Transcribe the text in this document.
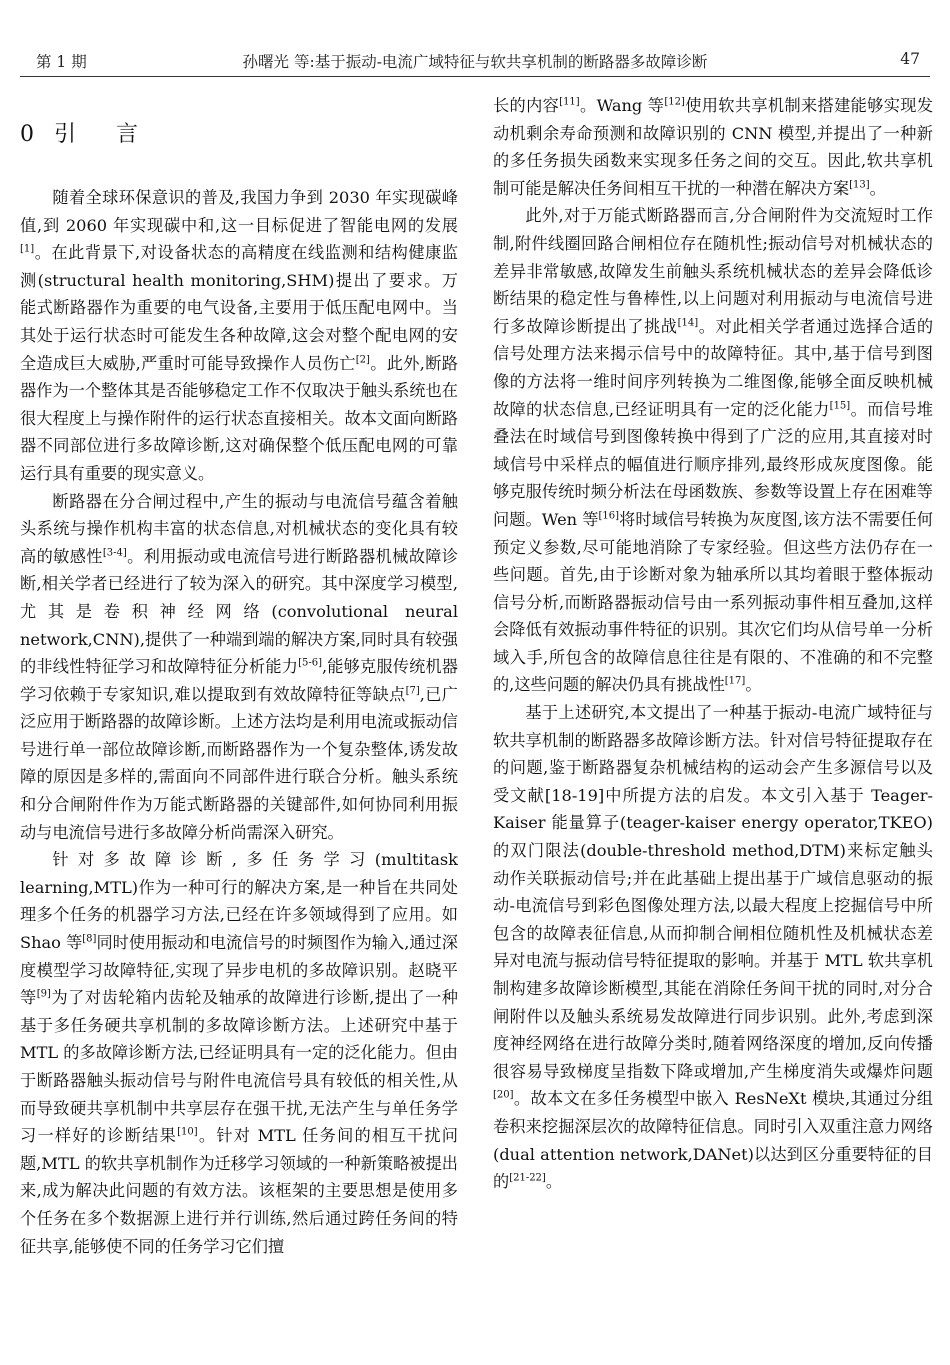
第 1 期	孙曙光 等:基于振动-电流广域特征与软共享机制的断路器多故障诊断	47
0 引 言

随着全球环保意识的普及,我国力争到 2030 年实现碳峰值,到 2060 年实现碳中和,这一目标促进了智能电网的发展[1]。在此背景下,对设备状态的高精度在线监测和结构健康监测(structural health monitoring,SHM)提出了要求。万能式断路器作为重要的电气设备,主要用于低压配电网中。当其处于运行状态时可能发生各种故障,这会对整个配电网的安全造成巨大威胁,严重时可能导致操作人员伤亡[2]。此外,断路器作为一个整体其是否能够稳定工作不仅取决于触头系统也在很大程度上与操作附件的运行状态直接相关。故本文面向断路器不同部位进行多故障诊断,这对确保整个低压配电网的可靠运行具有重要的现实意义。

断路器在分合闸过程中,产生的振动与电流信号蕴含着触头系统与操作机构丰富的状态信息,对机械状态的变化具有较高的敏感性[3-4]。利用振动或电流信号进行断路器机械故障诊断,相关学者已经进行了较为深入的研究。其中深度学习模型,尤其是卷积神经网络(convolutional neural network,CNN),提供了一种端到端的解决方案,同时具有较强的非线性特征学习和故障特征分析能力[5-6],能够克服传统机器学习依赖于专家知识,难以提取到有效故障特征等缺点[7],已广泛应用于断路器的故障诊断。上述方法均是利用电流或振动信号进行单一部位故障诊断,而断路器作为一个复杂整体,诱发故障的原因是多样的,需面向不同部件进行联合分析。触头系统和分合闸附件作为万能式断路器的关键部件,如何协同利用振动与电流信号进行多故障分析尚需深入研究。

针对多故障诊断,多任务学习(multitask learning,MTL)作为一种可行的解决方案,是一种旨在共同处理多个任务的机器学习方法,已经在许多领域得到了应用。如 Shao 等[8]同时使用振动和电流信号的时频图作为输入,通过深度模型学习故障特征,实现了异步电机的多故障识别。赵晓平等[9]为了对齿轮箱内齿轮及轴承的故障进行诊断,提出了一种基于多任务硬共享机制的多故障诊断方法。上述研究中基于 MTL 的多故障诊断方法,已经证明具有一定的泛化能力。但由于断路器触头振动信号与附件电流信号具有较低的相关性,从而导致硬共享机制中共享层存在强干扰,无法产生与单任务学习一样好的诊断结果[10]。针对 MTL 任务间的相互干扰问题,MTL 的软共享机制作为迁移学习领域的一种新策略被提出来,成为解决此问题的有效方法。该框架的主要思想是使用多个任务在多个数据源上进行并行训练,然后通过跨任务间的特征共享,能够使不同的任务学习它们擅

长的内容[11]。Wang 等[12]使用软共享机制来搭建能够实现发动机剩余寿命预测和故障识别的 CNN 模型,并提出了一种新的多任务损失函数来实现多任务之间的交互。因此,软共享机制可能是解决任务间相互干扰的一种潜在解决方案[13]。

此外,对于万能式断路器而言,分合闸附件为交流短时工作制,附件线圈回路合闸相位存在随机性;振动信号对机械状态的差异非常敏感,故障发生前触头系统机械状态的差异会降低诊断结果的稳定性与鲁棒性,以上问题对利用振动与电流信号进行多故障诊断提出了挑战[14]。对此相关学者通过选择合适的信号处理方法来揭示信号中的故障特征。其中,基于信号到图像的方法将一维时间序列转换为二维图像,能够全面反映机械故障的状态信息,已经证明具有一定的泛化能力[15]。而信号堆叠法在时域信号到图像转换中得到了广泛的应用,其直接对时域信号中采样点的幅值进行顺序排列,最终形成灰度图像。能够克服传统时频分析法在母函数族、参数等设置上存在困难等问题。Wen 等[16]将时域信号转换为灰度图,该方法不需要任何预定义参数,尽可能地消除了专家经验。但这些方法仍存在一些问题。首先,由于诊断对象为轴承所以其均着眼于整体振动信号分析,而断路器振动信号由一系列振动事件相互叠加,这样会降低有效振动事件特征的识别。其次它们均从信号单一分析域入手,所包含的故障信息往往是有限的、不准确的和不完整的,这些问题的解决仍具有挑战性[17]。

基于上述研究,本文提出了一种基于振动-电流广域特征与软共享机制的断路器多故障诊断方法。针对信号特征提取存在的问题,鉴于断路器复杂机械结构的运动会产生多源信号以及受文献[18-19]中所提方法的启发。本文引入基于 Teager-Kaiser 能量算子(teager-kaiser energy operator,TKEO)的双门限法(double-threshold method,DTM)来标定触头动作关联振动信号;并在此基础上提出基于广域信息驱动的振动-电流信号到彩色图像处理方法,以最大程度上挖掘信号中所包含的故障表征信息,从而抑制合闸相位随机性及机械状态差异对电流与振动信号特征提取的影响。并基于 MTL 软共享机制构建多故障诊断模型,其能在消除任务间干扰的同时,对分合闸附件以及触头系统易发故障进行同步识别。此外,考虑到深度神经网络在进行故障分类时,随着网络深度的增加,反向传播很容易导致梯度呈指数下降或增加,产生梯度消失或爆炸问题[20]。故本文在多任务模型中嵌入 ResNeXt 模块,其通过分组卷积来挖掘深层次的故障特征信息。同时引入双重注意力网络(dual attention network,DANet)以达到区分重要特征的目的[21-22]。
